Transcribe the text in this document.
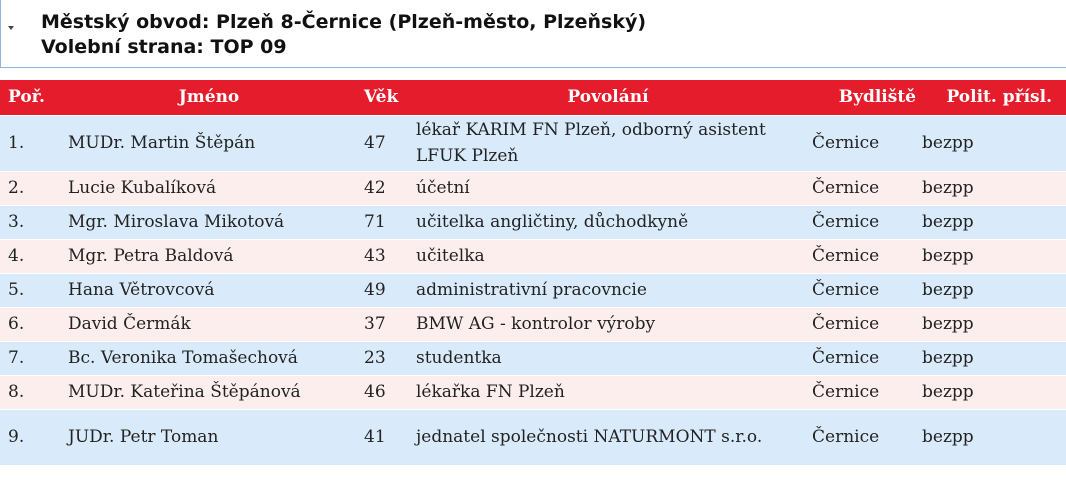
Městský obvod: Plzeň 8-Černice (Plzeň-město, Plzeňský)
Volební strana: TOP 09
Poř.	Jméno	Věk	Povolání	Bydliště	Polit. přísl.
1.	MUDr. Martin Štěpán	47	lékař KARIM FN Plzeň, odborný asistent LFUK Plzeň	Černice	bezpp
2.	Lucie Kubalíková	42	účetní	Černice	bezpp
3.	Mgr. Miroslava Mikotová	71	učitelka angličtiny, důchodkyně	Černice	bezpp
4.	Mgr. Petra Baldová	43	učitelka	Černice	bezpp
5.	Hana Větrovcová	49	administrativní pracovncie	Černice	bezpp
6.	David Čermák	37	BMW AG - kontrolor výroby	Černice	bezpp
7.	Bc. Veronika Tomašechová	23	studentka	Černice	bezpp
8.	MUDr. Kateřina Štěpánová	46	lékařka FN Plzeň	Černice	bezpp
9.	JUDr. Petr Toman	41	jednatel společnosti NATURMONT s.r.o.	Černice	bezpp
